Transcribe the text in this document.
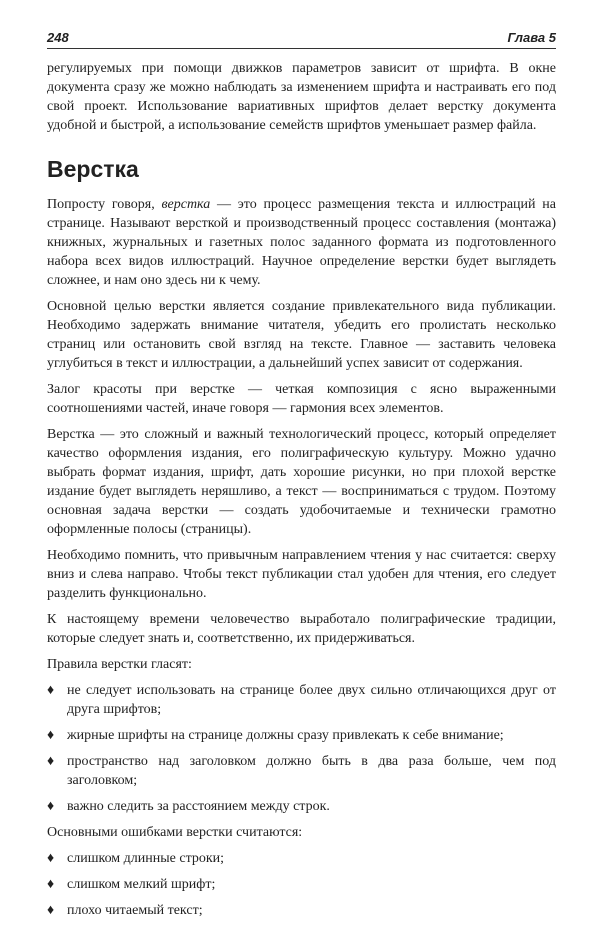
248	Глава 5

регулируемых при помощи движков параметров зависит от шрифта. В окне документа сразу же можно наблюдать за изменением шрифта и настраивать его под свой проект. Использование вариативных шрифтов делает верстку документа удобной и быстрой, а использование семейств шрифтов уменьшает размер файла.

Верстка

Попросту говоря, верстка — это процесс размещения текста и иллюстраций на странице. Называют версткой и производственный процесс составления (монтажа) книжных, журнальных и газетных полос заданного формата из подготовленного набора всех видов иллюстраций. Научное определение верстки будет выглядеть сложнее, и нам оно здесь ни к чему.

Основной целью верстки является создание привлекательного вида публикации. Необходимо задержать внимание читателя, убедить его пролистать несколько страниц или остановить свой взгляд на тексте. Главное — заставить человека углубиться в текст и иллюстрации, а дальнейший успех зависит от содержания.

Залог красоты при верстке — четкая композиция с ясно выраженными соотношениями частей, иначе говоря — гармония всех элементов.

Верстка — это сложный и важный технологический процесс, который определяет качество оформления издания, его полиграфическую культуру. Можно удачно выбрать формат издания, шрифт, дать хорошие рисунки, но при плохой верстке издание будет выглядеть неряшливо, а текст — восприниматься с трудом. Поэтому основная задача верстки — создать удобочитаемые и технически грамотно оформленные полосы (страницы).

Необходимо помнить, что привычным направлением чтения у нас считается: сверху вниз и слева направо. Чтобы текст публикации стал удобен для чтения, его следует разделить функционально.

К настоящему времени человечество выработало полиграфические традиции, которые следует знать и, соответственно, их придерживаться.

Правила верстки гласят:

♦ не следует использовать на странице более двух сильно отличающихся друг от друга шрифтов;
♦ жирные шрифты на странице должны сразу привлекать к себе внимание;
♦ пространство над заголовком должно быть в два раза больше, чем под заголовком;
♦ важно следить за расстоянием между строк.

Основными ошибками верстки считаются:

♦ слишком длинные строки;
♦ слишком мелкий шрифт;
♦ плохо читаемый текст;
